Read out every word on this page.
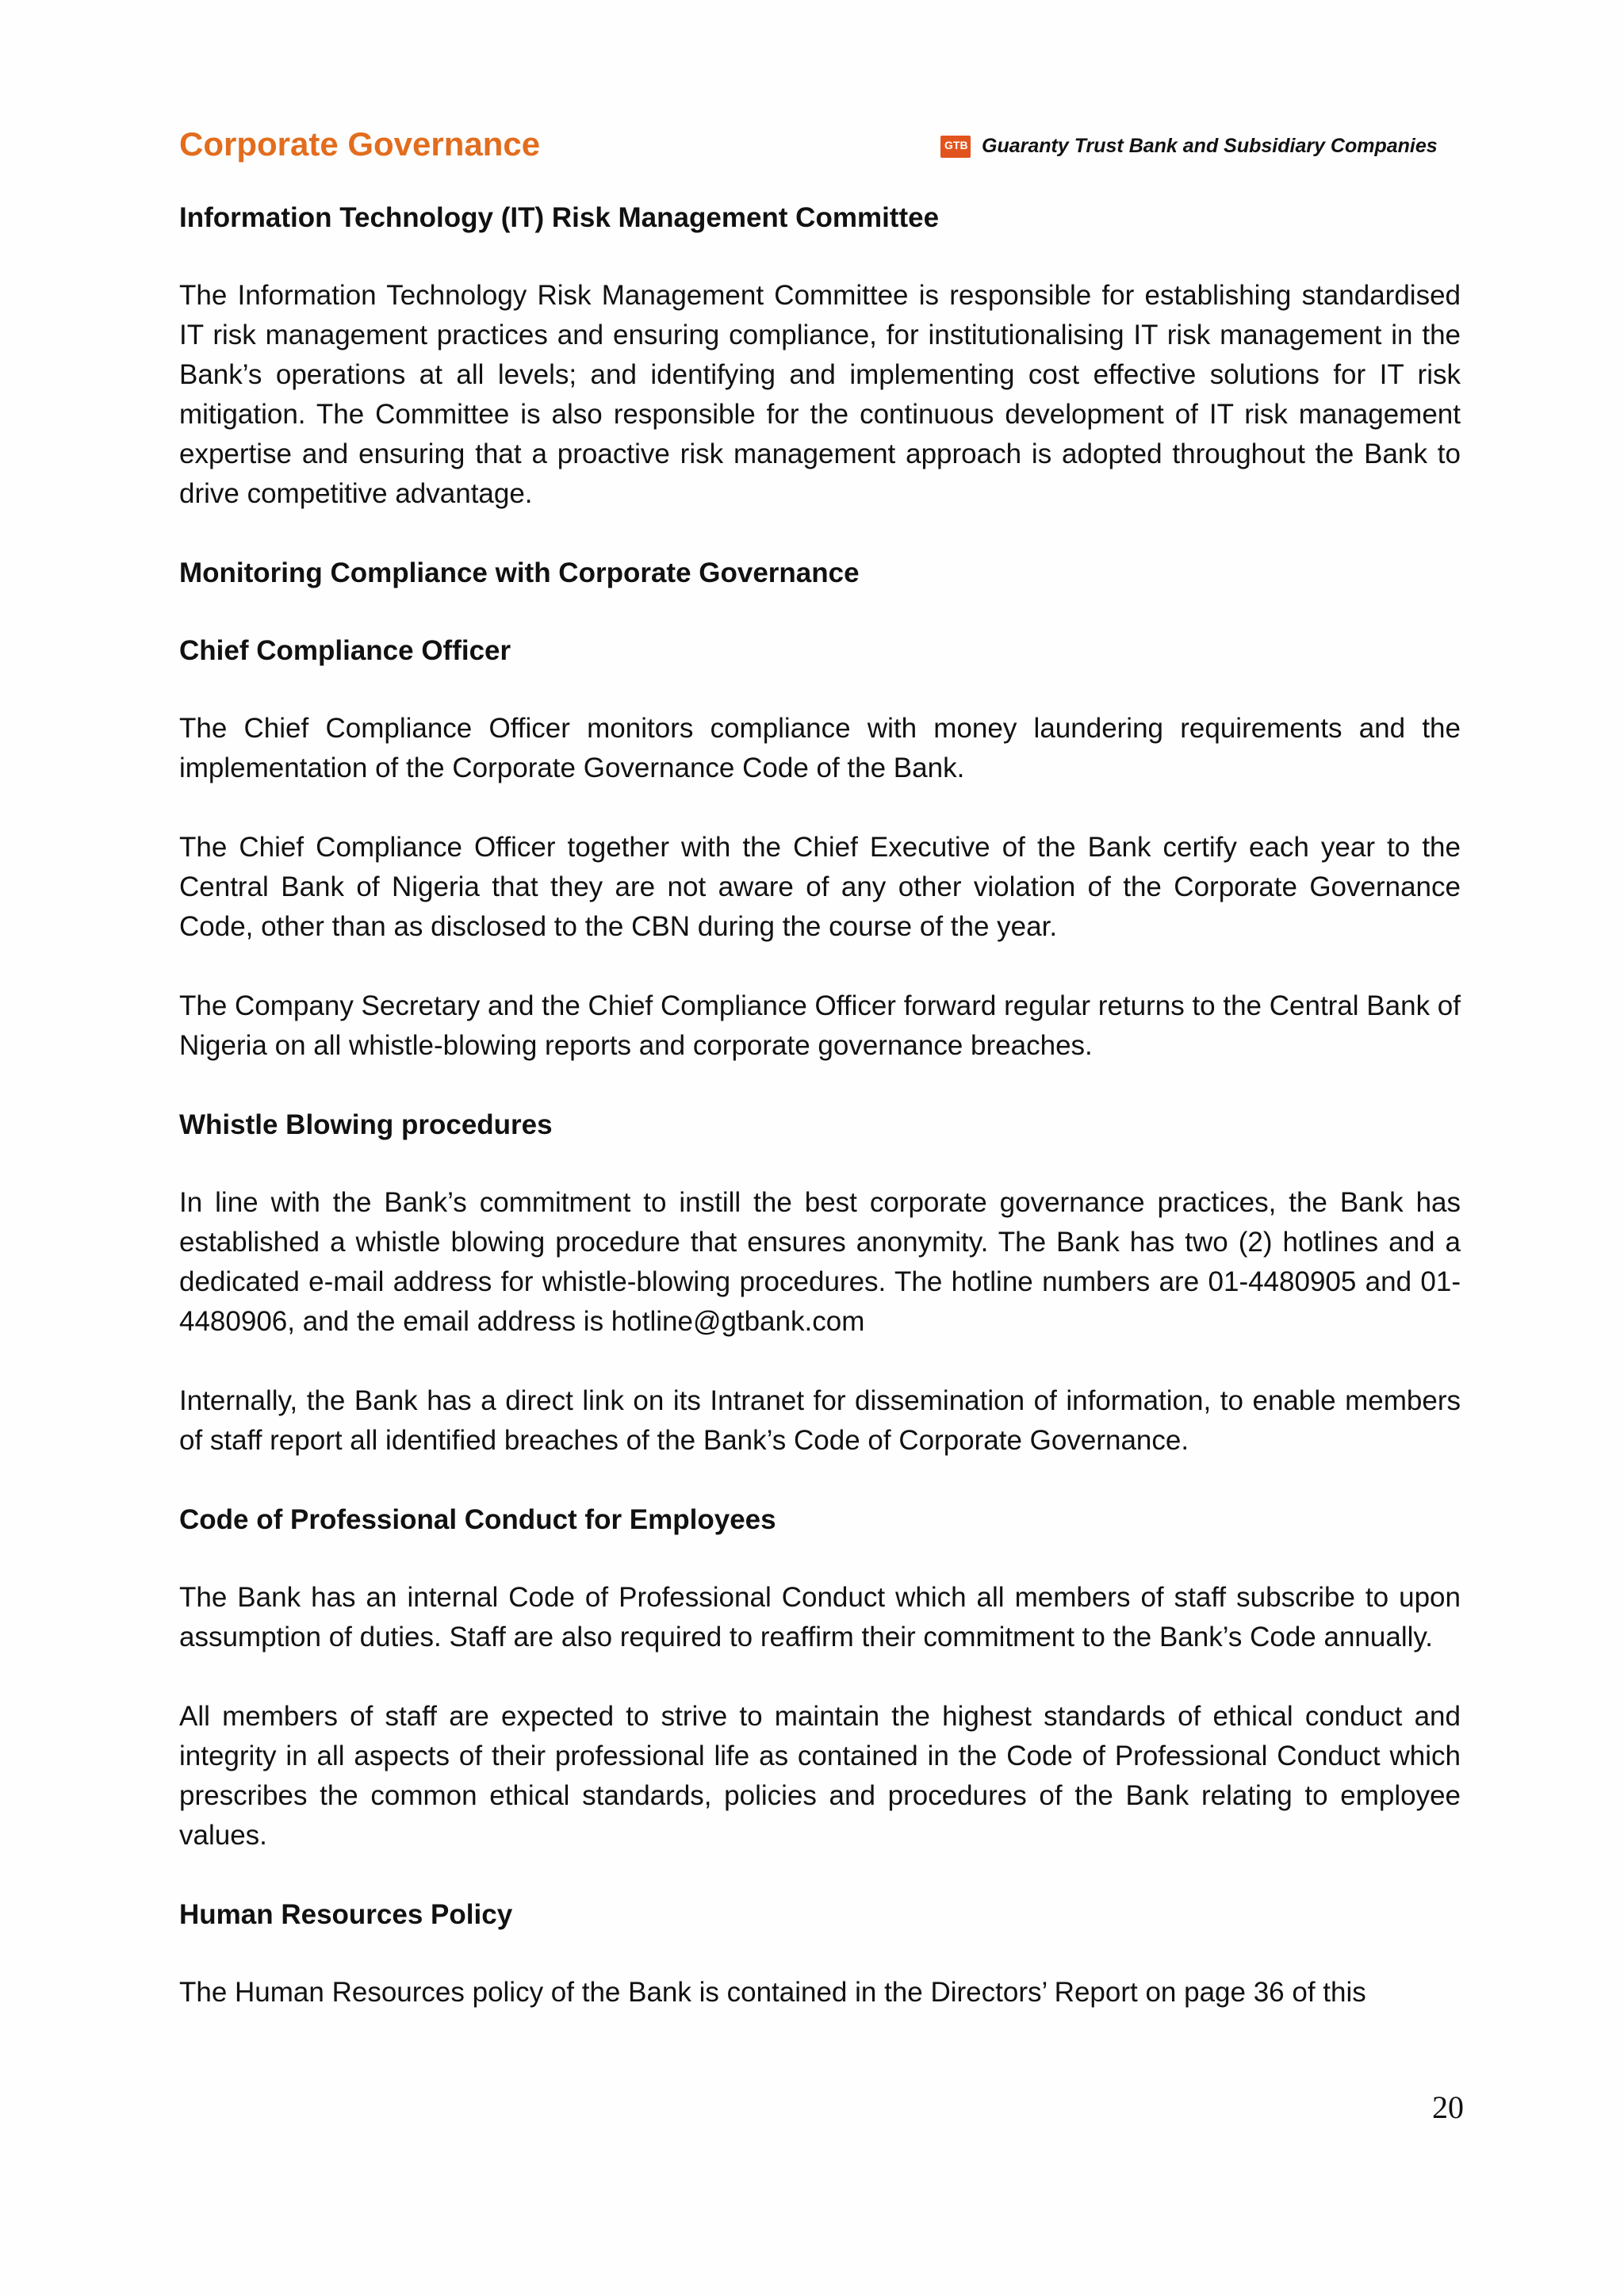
Corporate Governance	GTB Guaranty Trust Bank and Subsidiary Companies
Information Technology (IT) Risk Management Committee

The Information Technology Risk Management Committee is responsible for establishing standardised IT risk management practices and ensuring compliance, for institutionalising IT risk management in the Bank’s operations at all levels; and identifying and implementing cost effective solutions for IT risk mitigation. The Committee is also responsible for the continuous development of IT risk management expertise and ensuring that a proactive risk management approach is adopted throughout the Bank to drive competitive advantage.

Monitoring Compliance with Corporate Governance
Chief Compliance Officer

The Chief Compliance Officer monitors compliance with money laundering requirements and the implementation of the Corporate Governance Code of the Bank.

The Chief Compliance Officer together with the Chief Executive of the Bank certify each year to the Central Bank of Nigeria that they are not aware of any other violation of the Corporate Governance Code, other than as disclosed to the CBN during the course of the year.

The Company Secretary and the Chief Compliance Officer forward regular returns to the Central Bank of Nigeria on all whistle-blowing reports and corporate governance breaches.

Whistle Blowing procedures

In line with the Bank’s commitment to instill the best corporate governance practices, the Bank has established a whistle blowing procedure that ensures anonymity. The Bank has two (2) hotlines and a dedicated e-mail address for whistle-blowing procedures. The hotline numbers are 01-4480905 and 01- 4480906, and the email address is hotline@gtbank.com

Internally, the Bank has a direct link on its Intranet for dissemination of information, to enable members of staff report all identified breaches of the Bank’s Code of Corporate Governance.

Code of Professional Conduct for Employees

The Bank has an internal Code of Professional Conduct which all members of staff subscribe to upon assumption of duties. Staff are also required to reaffirm their commitment to the Bank’s Code annually.

All members of staff are expected to strive to maintain the highest standards of ethical conduct and integrity in all aspects of their professional life as contained in the Code of Professional Conduct which prescribes the common ethical standards, policies and procedures of the Bank relating to employee values.

Human Resources Policy

The Human Resources policy of the Bank is contained in the Directors’ Report on page 36 of this

20
